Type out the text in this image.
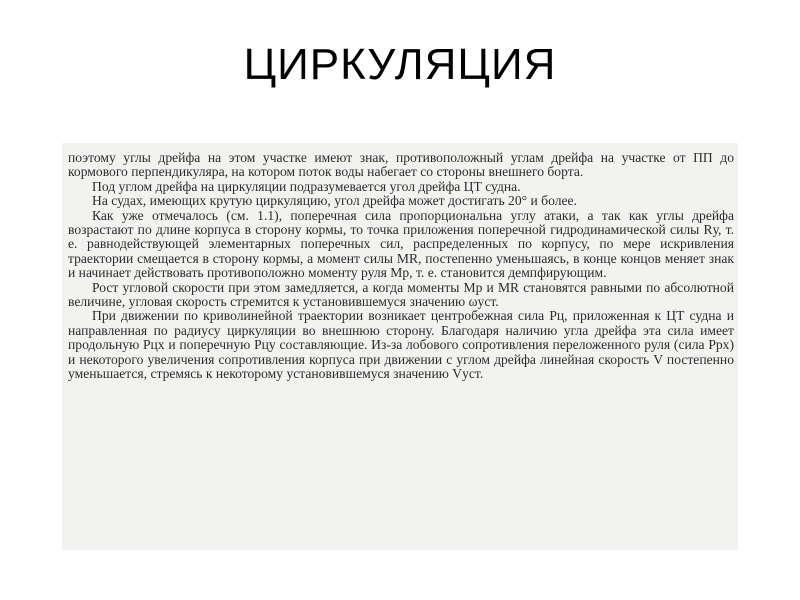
ЦИРКУЛЯЦИЯ

поэтому углы дрейфа на этом участке имеют знак, противоположный углам дрейфа на участке от ПП до кормового перпендикуляра, на котором поток воды набегает со стороны внешнего борта.

Под углом дрейфа на циркуляции подразумевается угол дрейфа ЦТ судна.

На судах, имеющих крутую циркуляцию, угол дрейфа может достигать 20° и более.

Как уже отмечалось (см. 1.1), поперечная сила пропорциональна углу атаки, а так как углы дрейфа возрастают по длине корпуса в сторону кормы, то точка приложения поперечной гидродинамической силы Rу, т. е. равнодействующей элементарных поперечных сил, распределенных по корпусу, по мере искривления траектории смещается в сторону кормы, а момент силы MR, постепенно уменьшаясь, в конце концов меняет знак и начинает действовать противоположно моменту руля Mр, т. е. становится демпфирующим.

Рост угловой скорости при этом замедляется, а когда моменты Mр и MR становятся равными по абсолютной величине, угловая скорость стремится к установившемуся значению ωуст.

При движении по криволинейной траектории возникает центробежная сила Pц, приложенная к ЦТ судна и направленная по радиусу циркуляции во внешнюю сторону. Благодаря наличию угла дрейфа эта сила имеет продольную Pцх и поперечную Pцу составляющие. Из-за лобового сопротивления переложенного руля (сила Pрх) и некоторого увеличения сопротивления корпуса при движении с углом дрейфа линейная скорость V постепенно уменьшается, стремясь к некоторому установившемуся значению Vуст.
